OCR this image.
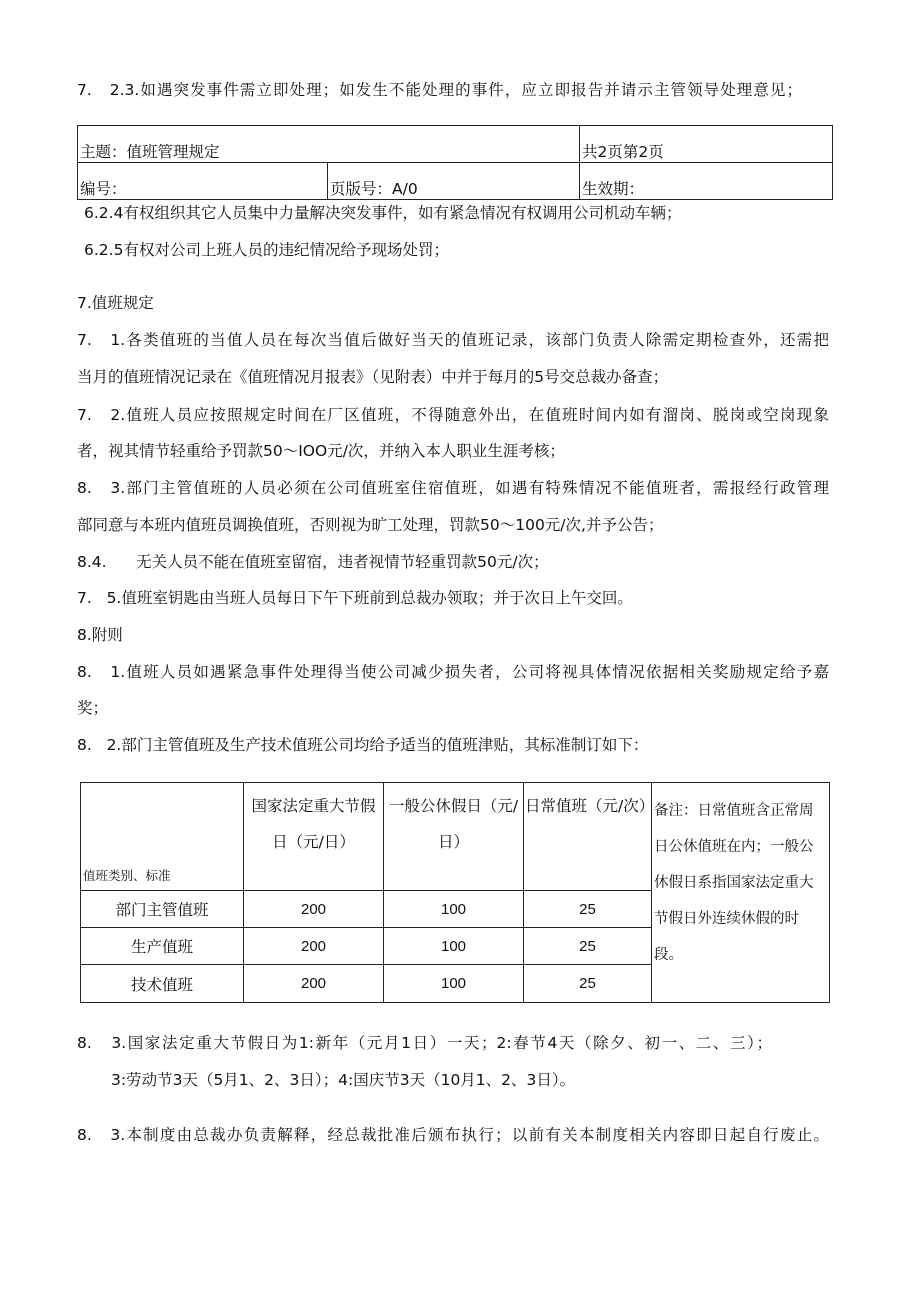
7.   2.3.如遇突发事件需立即处理；如发生不能处理的事件，应立即报告并请示主管领导处理意见；
主题：值班管理规定		共2页第2页
编号：	页版号：A/0	生效期：
6.2.4有权组织其它人员集中力量解决突发事件，如有紧急情况有权调用公司机动车辆；
6.2.5有权对公司上班人员的违纪情况给予现场处罚；
7.值班规定
7.   1.各类值班的当值人员在每次当值后做好当天的值班记录，该部门负责人除需定期检查外，还需把
当月的值班情况记录在《值班情况月报表》（见附表）中并于每月的5号交总裁办备查；
7.   2.值班人员应按照规定时间在厂区值班，不得随意外出，在值班时间内如有溜岗、脱岗或空岗现象
者，视其情节轻重给予罚款50～IOO元/次，并纳入本人职业生涯考核；
8.   3.部门主管值班的人员必须在公司值班室住宿值班，如遇有特殊情况不能值班者，需报经行政管理
部同意与本班内值班员调换值班，否则视为旷工处理，罚款50～100元/次,并予公告；
8.4.      无关人员不能在值班室留宿，违者视情节轻重罚款50元/次；
7.   5.值班室钥匙由当班人员每日下午下班前到总裁办领取；并于次日上午交回。
8.附则
8.   1.值班人员如遇紧急事件处理得当使公司减少损失者，公司将视具体情况依据相关奖励规定给予嘉
奖；
8.   2.部门主管值班及生产技术值班公司均给予适当的值班津贴，其标准制订如下：
值班类别、标准	国家法定重大节假日（元/日）	一般公休假日（元/日）	日常值班（元/次）	备注：日常值班含正常周日公休值班在内；一般公休假日系指国家法定重大节假日外连续休假的时段。
部门主管值班	200	100	25	
生产值班	200	100	25	
技术值班	200	100	25	
8.   3.国家法定重大节假日为1:新年（元月1日）一天；2:春节4天（除夕、初一、二、三）；
3:劳动节3天（5月1、2、3日）；4:国庆节3天（10月1、2、3日）。
8.   3.本制度由总裁办负责解释，经总裁批准后颁布执行；以前有关本制度相关内容即日起自行废止。
